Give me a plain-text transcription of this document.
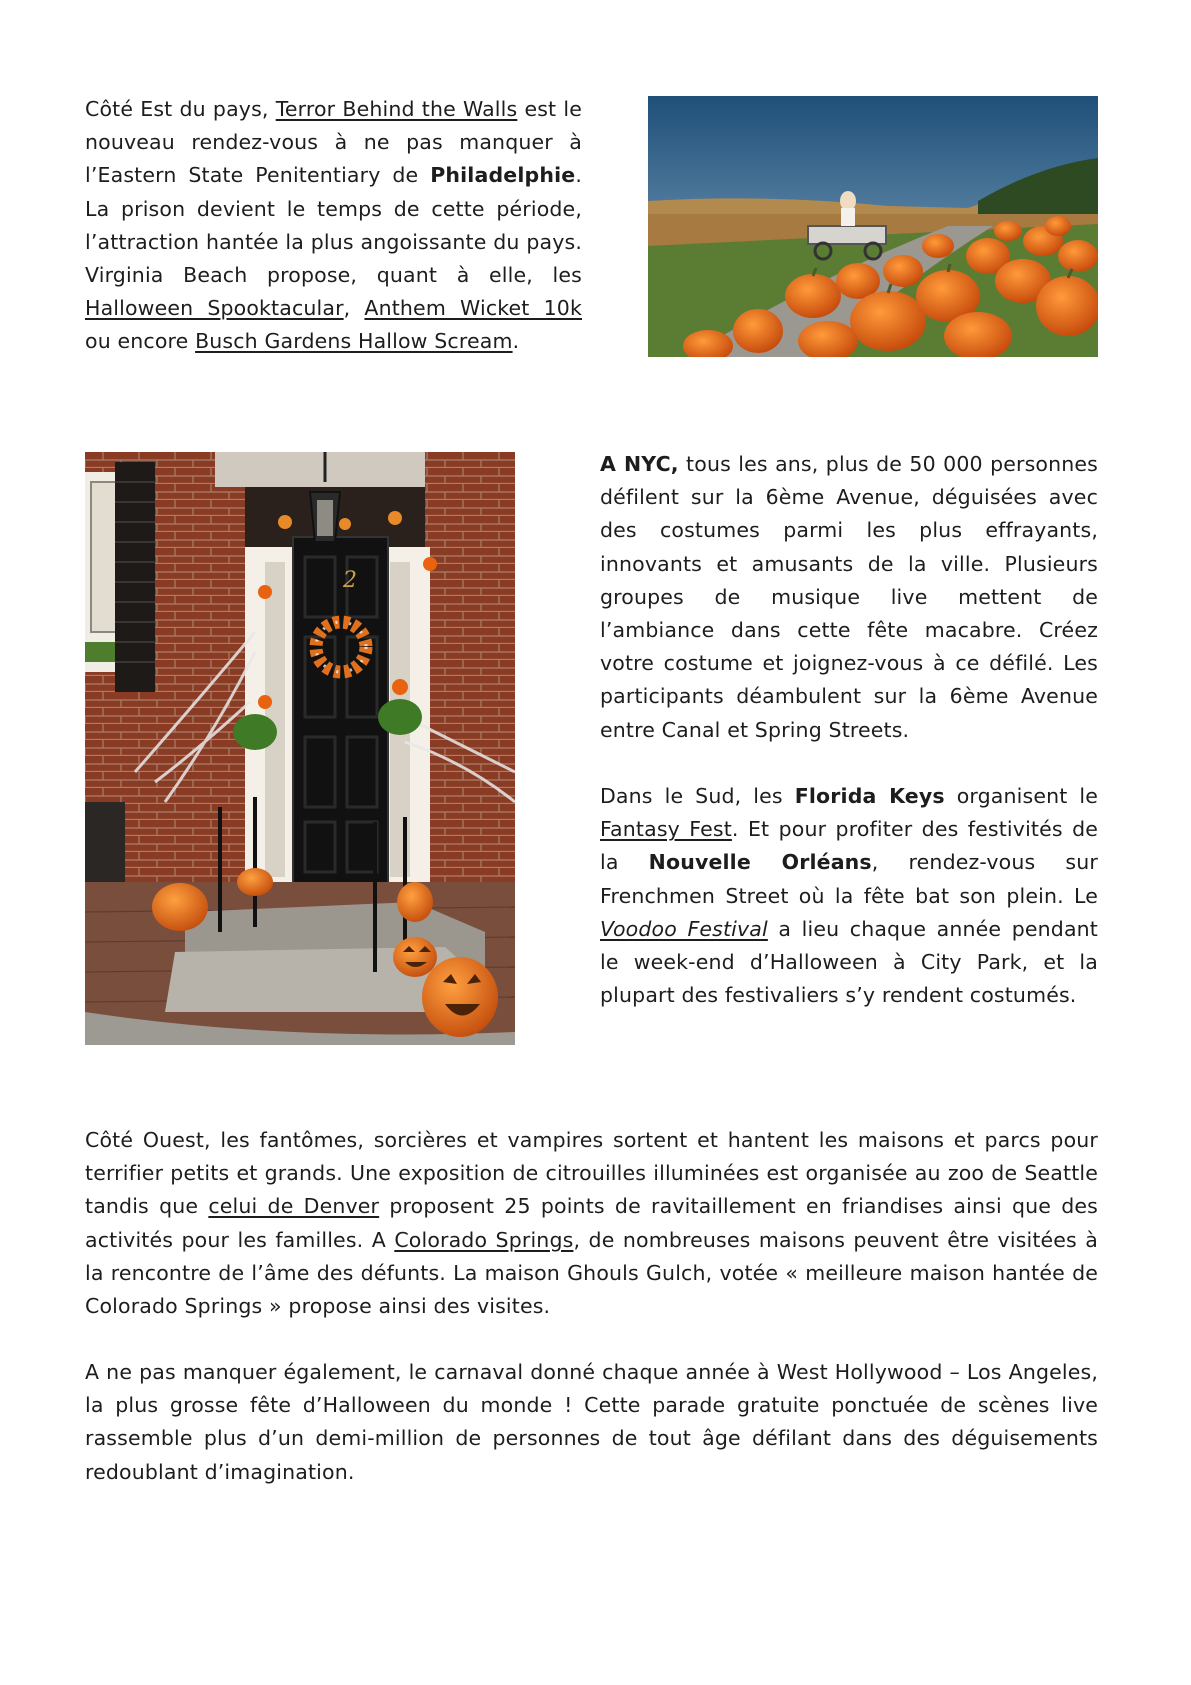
Côté Est du pays, Terror Behind the Walls est le nouveau rendez-vous à ne pas manquer à l’Eastern State Penitentiary de Philadelphie. La prison devient le temps de cette période, l’attraction hantée la plus angoissante du pays. Virginia Beach propose, quant à elle, les Halloween Spooktacular, Anthem Wicket 10k ou encore Busch Gardens Hallow Scream.

2

A NYC, tous les ans, plus de 50 000 personnes défilent sur la 6ème Avenue, déguisées avec des costumes parmi les plus effrayants, innovants et amusants de la ville. Plusieurs groupes de musique live mettent de l’ambiance dans cette fête macabre. Créez votre costume et joignez-vous à ce défilé. Les participants déambulent sur la 6ème Avenue entre Canal et Spring Streets.

Dans le Sud, les Florida Keys organisent le Fantasy Fest. Et pour profiter des festivités de la Nouvelle Orléans, rendez-vous sur Frenchmen Street où la fête bat son plein. Le Voodoo Festival a lieu chaque année pendant le week-end d’Halloween à City Park, et la plupart des festivaliers s’y rendent costumés.

Côté Ouest, les fantômes, sorcières et vampires sortent et hantent les maisons et parcs pour terrifier petits et grands. Une exposition de citrouilles illuminées est organisée au zoo de Seattle tandis que celui de Denver proposent 25 points de ravitaillement en friandises ainsi que des activités pour les familles. A Colorado Springs, de nombreuses maisons peuvent être visitées à la rencontre de l’âme des défunts. La maison Ghouls Gulch, votée « meilleure maison hantée de Colorado Springs » propose ainsi des visites.

A ne pas manquer également, le carnaval donné chaque année à West Hollywood – Los Angeles, la plus grosse fête d’Halloween du monde ! Cette parade gratuite ponctuée de scènes live rassemble plus d’un demi-million de personnes de tout âge défilant dans des déguisements redoublant d’imagination.
